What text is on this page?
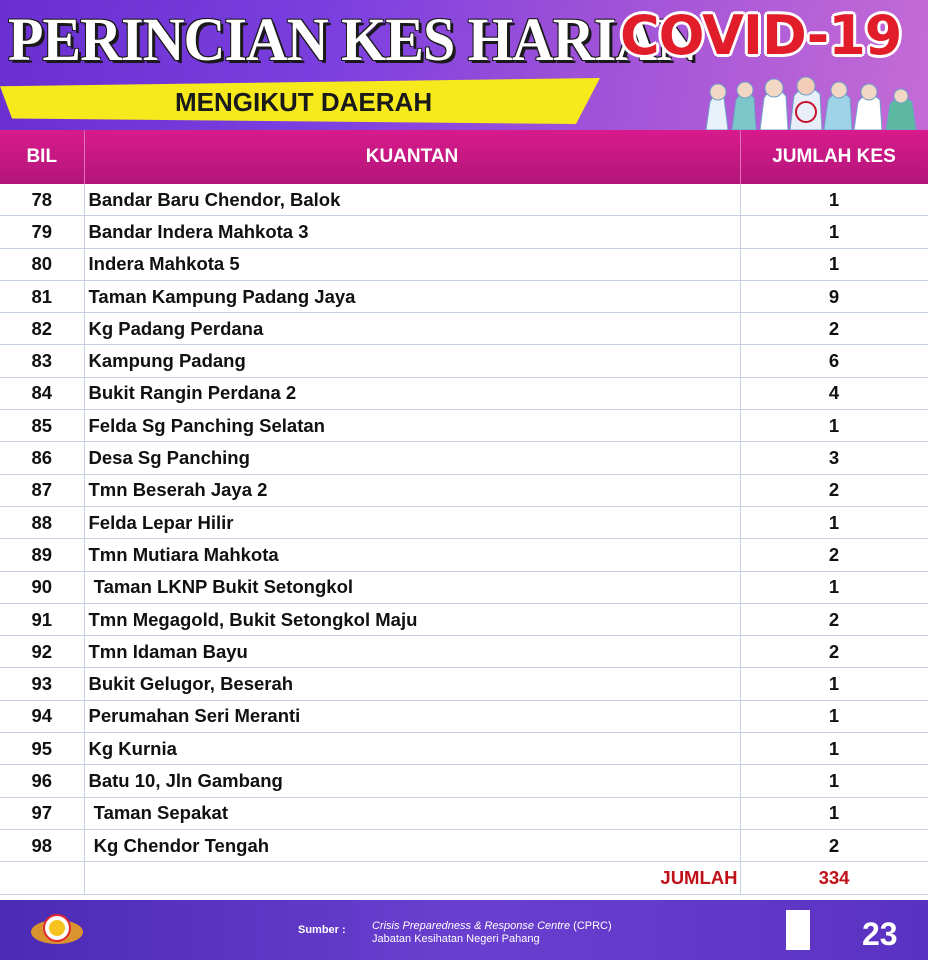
PERINCIAN KES HARIAN
COVID-19
MENGIKUT DAERAH
BIL	KUANTAN	JUMLAH KES
78	Bandar Baru Chendor, Balok	1
79	Bandar Indera Mahkota 3	1
80	Indera Mahkota 5	1
81	Taman Kampung Padang Jaya	9
82	Kg Padang Perdana	2
83	Kampung Padang	6
84	Bukit Rangin Perdana 2	4
85	Felda Sg Panching Selatan	1
86	Desa Sg Panching	3
87	Tmn Beserah Jaya 2	2
88	Felda Lepar Hilir	1
89	Tmn Mutiara Mahkota	2
90	Taman LKNP Bukit Setongkol	1
91	Tmn Megagold, Bukit Setongkol Maju	2
92	Tmn Idaman Bayu	2
93	Bukit Gelugor, Beserah	1
94	Perumahan Seri Meranti	1
95	Kg Kurnia	1
96	Batu 10, Jln Gambang	1
97	Taman Sepakat	1
98	Kg Chendor Tengah	2
	JUMLAH	334
Sumber : Crisis Preparedness & Response Centre (CPRC)
Jabatan Kesihatan Negeri Pahang	23
